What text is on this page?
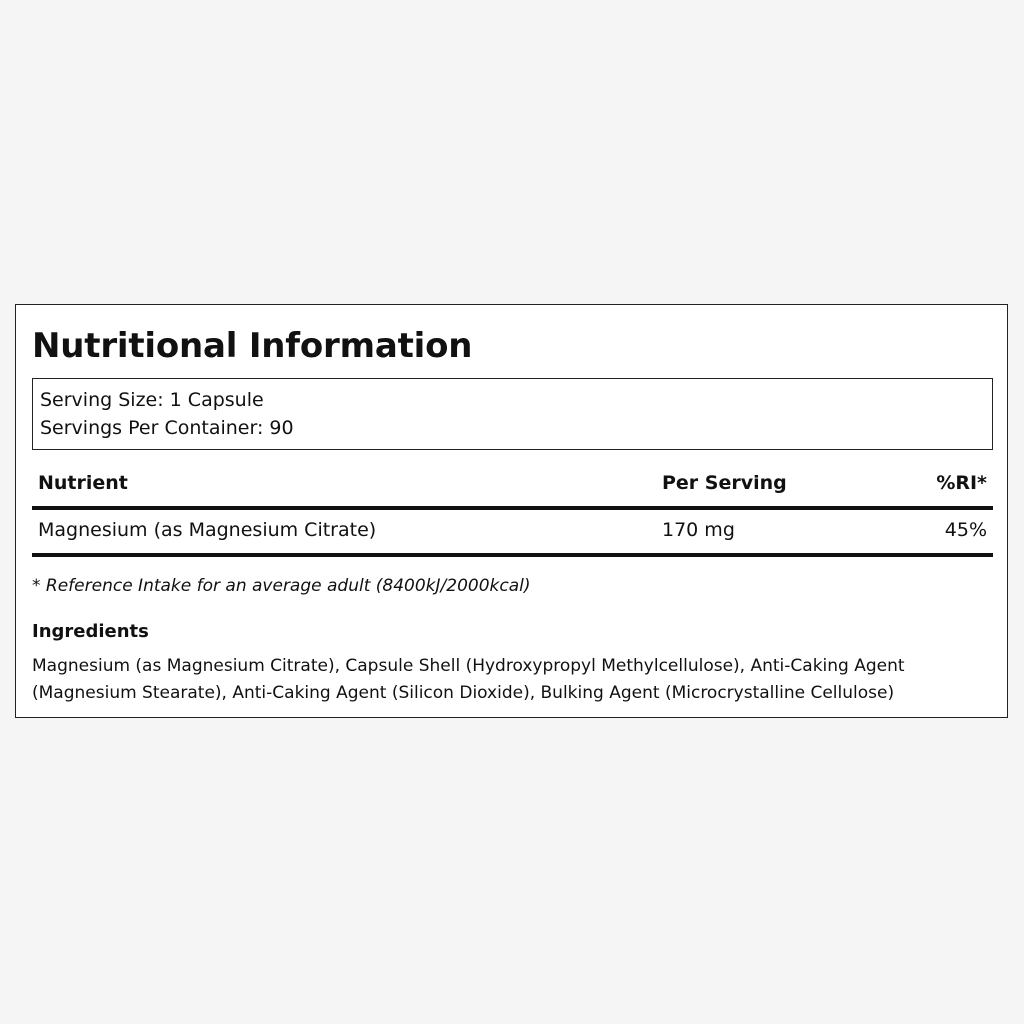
Nutritional Information
Serving Size: 1 Capsule
Servings Per Container: 90
Nutrient	Per Serving	%RI*
Magnesium (as Magnesium Citrate)	170 mg	45%
* Reference Intake for an average adult (8400kJ/2000kcal)
Ingredients
Magnesium (as Magnesium Citrate), Capsule Shell (Hydroxypropyl Methylcellulose), Anti-Caking Agent (Magnesium Stearate), Anti-Caking Agent (Silicon Dioxide), Bulking Agent (Microcrystalline Cellulose)
